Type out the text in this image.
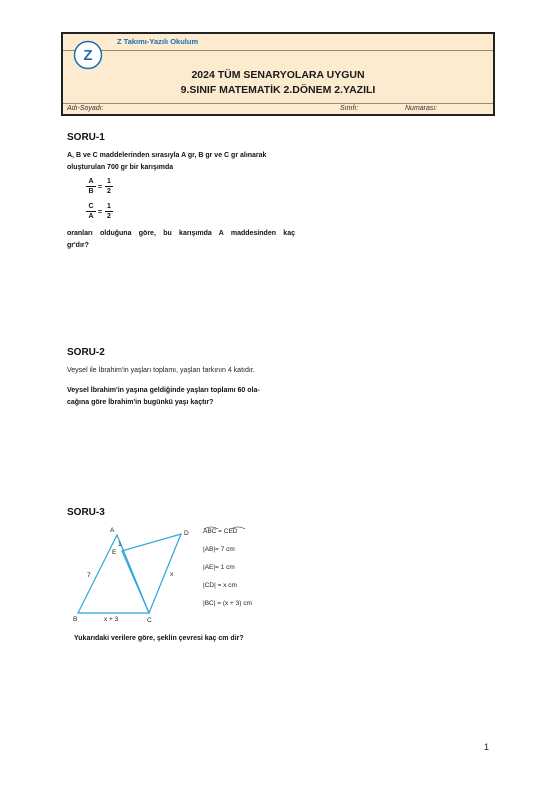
Z
Z Takımı-Yazılı Okulum
2024 TÜM SENARYOLARA UYGUN
9.SINIF MATEMATİK 2.DÖNEM 2.YAZILI
Adı-Soyadı:	Sınıfı:	Numarası:
SORU-1
A, B ve C maddelerinden sırasıyla A gr, B gr ve C gr alınarak
oluşturulan 700 gr bir karışımda
A
B
=
1
2
C
A
=
1
2
oranları olduğuna göre, bu karışımda A maddesinden kaç
gr'dır?
SORU-2
Veysel ile İbrahim'in yaşları toplamı, yaşları farkının 4 katıdır.
Veysel İbrahim'in yaşına geldiğinde yaşları toplamı 60 ola-
cağına göre İbrahim'in bugünkü yaşı kaçtır?
SORU-3
A
B	C
D
E
1
7	x
x + 3
ABC = CED
|AB|= 7 cm
|AE|= 1 cm
|CD| = x cm
|BC| = (x + 3) cm
Yukarıdaki verilere göre, şeklin çevresi kaç cm dir?
1
